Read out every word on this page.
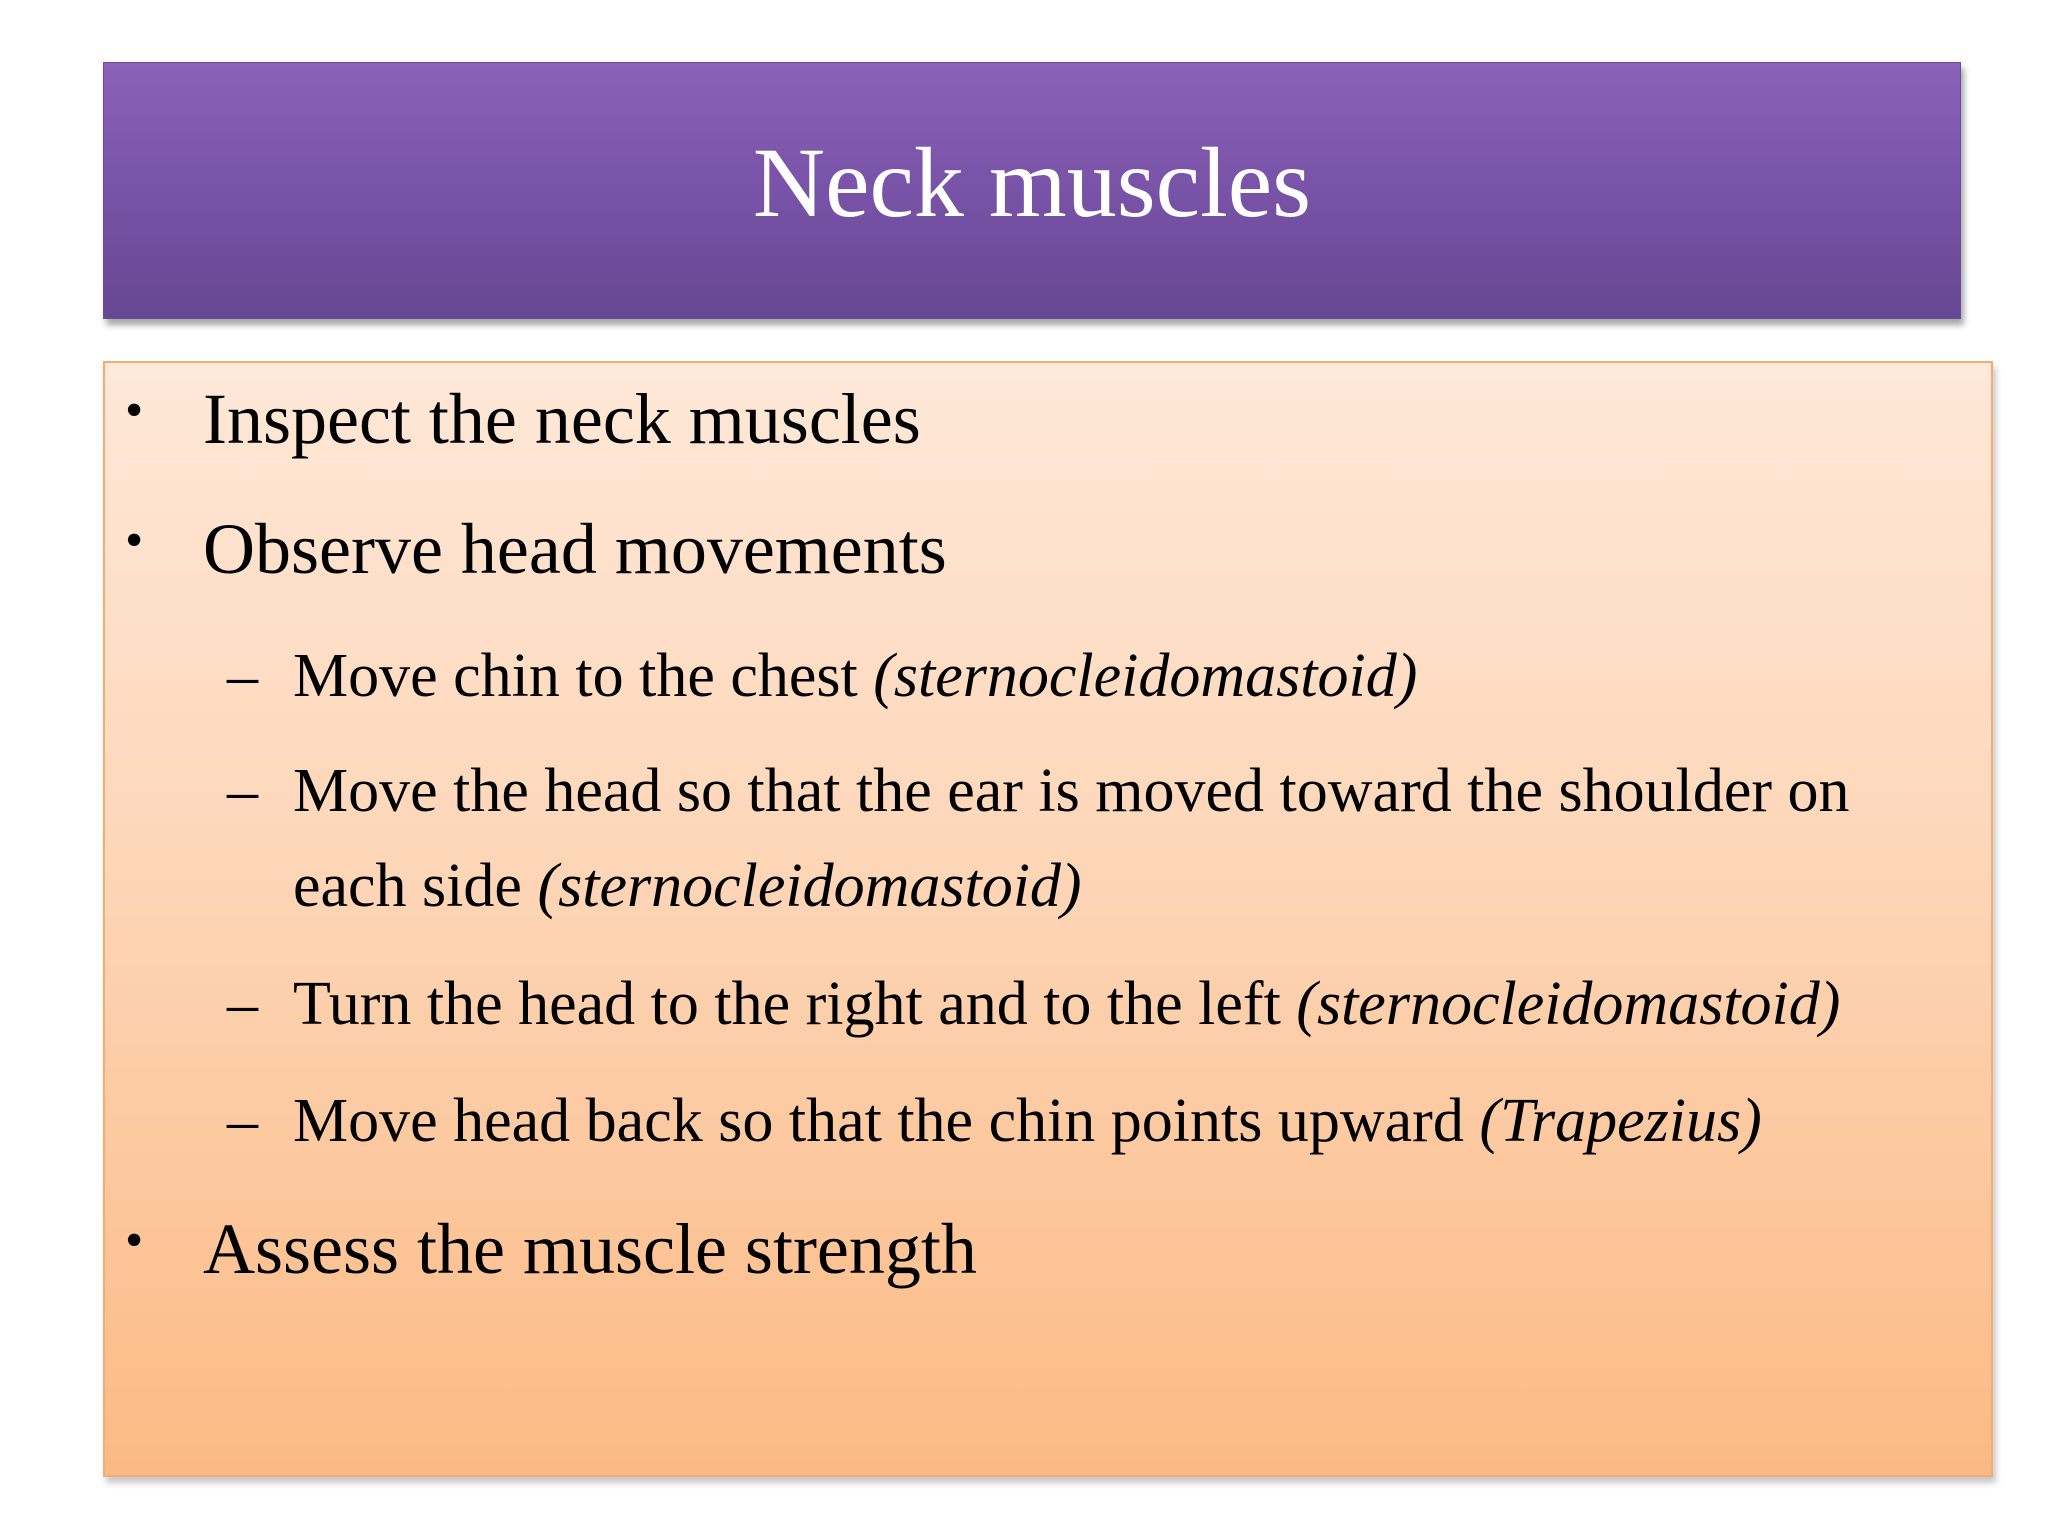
Neck muscles
• Inspect the neck muscles
• Observe head movements
– Move chin to the chest (sternocleidomastoid)
– Move the head so that the ear is moved toward the shoulder on
each side (sternocleidomastoid)
– Turn the head to the right and to the left (sternocleidomastoid)
– Move head back so that the chin points upward (Trapezius)
• Assess the muscle strength
